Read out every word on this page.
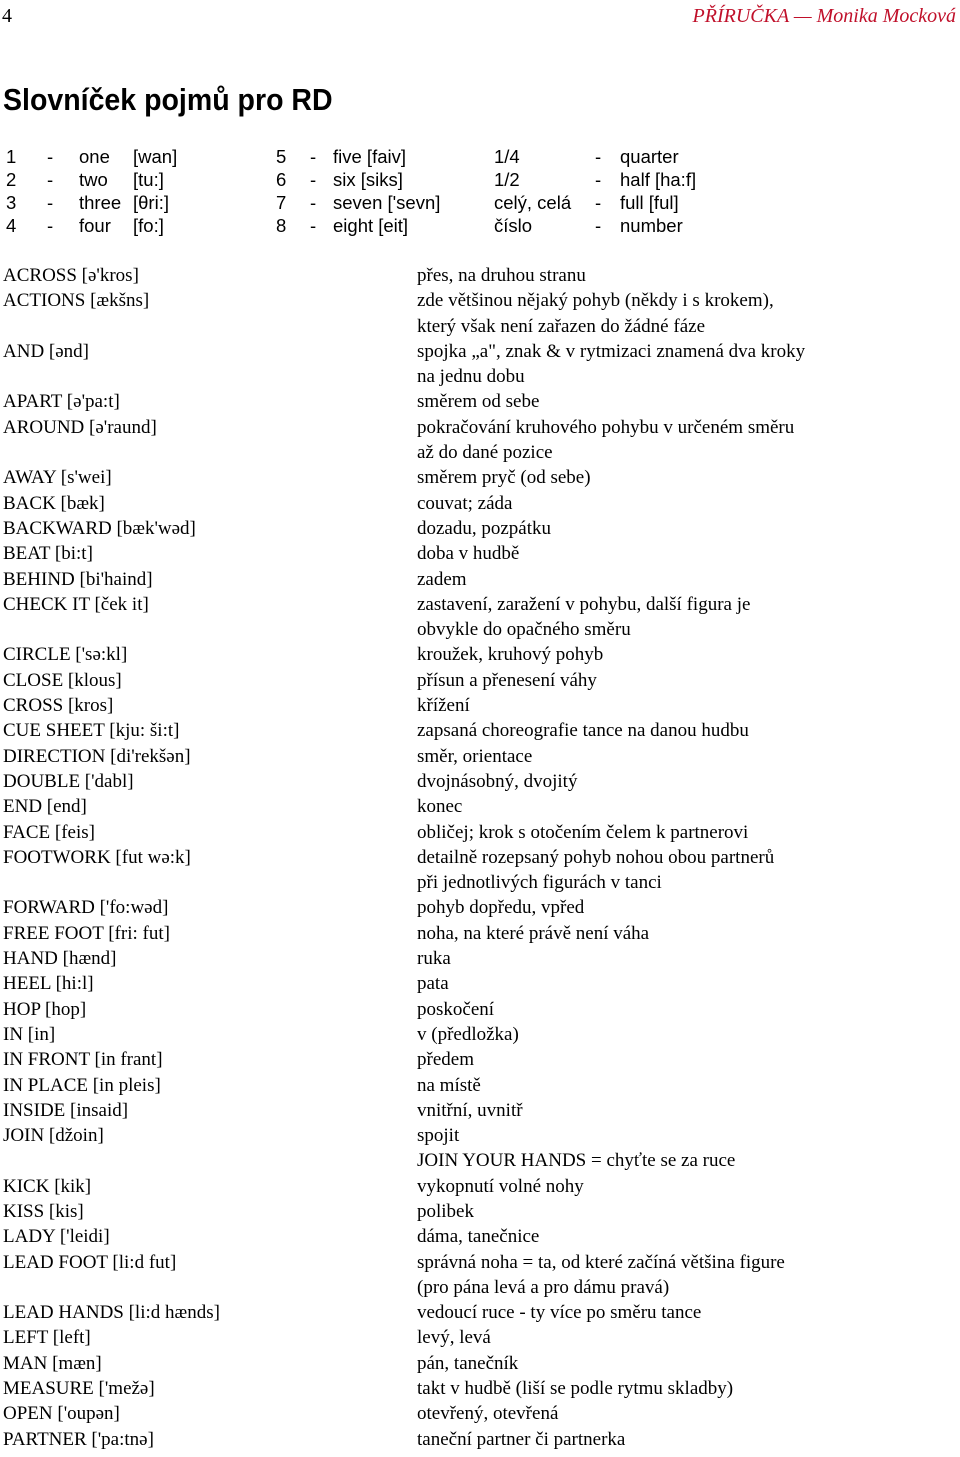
4	PŘÍRUČKA — Monika Mocková
Slovníček pojmů pro RD
1 - one [wan]	5 - five [faiv]	1/4	- quarter
2 - two [tu:]	6 - six [siks]	1/2	- half [ha:f]
3 - three [θri:]	7 - seven ['sevn]	celý, celá - full [ful]
4 - four [fo:]	8 - eight [eit]	číslo	- number
ACROSS [ə'kros]	přes, na druhou stranu
ACTIONS [ækšns]	zde většinou nějaký pohyb (někdy i s krokem),
který však není zařazen do žádné fáze
AND [ənd]	spojka „a", znak & v rytmizaci znamená dva kroky
na jednu dobu
APART [ə'pa:t]	směrem od sebe
AROUND [ə'raund]	pokračování kruhového pohybu v určeném směru
až do dané pozice
AWAY [s'wei]	směrem pryč (od sebe)
BACK [bæk]	couvat; záda
BACKWARD [bæk'wəd]	dozadu, pozpátku
BEAT [bi:t]	doba v hudbě
BEHIND [bi'haind]	zadem
CHECK IT [ček it]	zastavení, zaražení v pohybu, další figura je
obvykle do opačného směru
CIRCLE ['sə:kl]	kroužek, kruhový pohyb
CLOSE [klous]	přísun a přenesení váhy
CROSS [kros]	křížení
CUE SHEET [kju: ši:t]	zapsaná choreografie tance na danou hudbu
DIRECTION [di'rekšən]	směr, orientace
DOUBLE ['dabl]	dvojnásobný, dvojitý
END [end]	konec
FACE [feis]	obličej; krok s otočením čelem k partnerovi
FOOTWORK [fut wə:k]	detailně rozepsaný pohyb nohou obou partnerů
při jednotlivých figurách v tanci
FORWARD ['fo:wəd]	pohyb dopředu, vpřed
FREE FOOT [fri: fut]	noha, na které právě není váha
HAND [hænd]	ruka
HEEL [hi:l]	pata
HOP [hop]	poskočení
IN [in]	v (předložka)
IN FRONT [in frant]	předem
IN PLACE [in pleis]	na místě
INSIDE [insaid]	vnitřní, uvnitř
JOIN [džoin]	spojit
JOIN YOUR HANDS = chyťte se za ruce
KICK [kik]	vykopnutí volné nohy
KISS [kis]	polibek
LADY ['leidi]	dáma, tanečnice
LEAD FOOT [li:d fut]	správná noha = ta, od které začíná většina figure
(pro pána levá a pro dámu pravá)
LEAD HANDS [li:d hænds]	vedoucí ruce - ty více po směru tance
LEFT [left]	levý, levá
MAN [mæn]	pán, tanečník
MEASURE ['mežə]	takt v hudbě (liší se podle rytmu skladby)
OPEN ['oupən]	otevřený, otevřená
PARTNER ['pa:tnə]	taneční partner či partnerka
